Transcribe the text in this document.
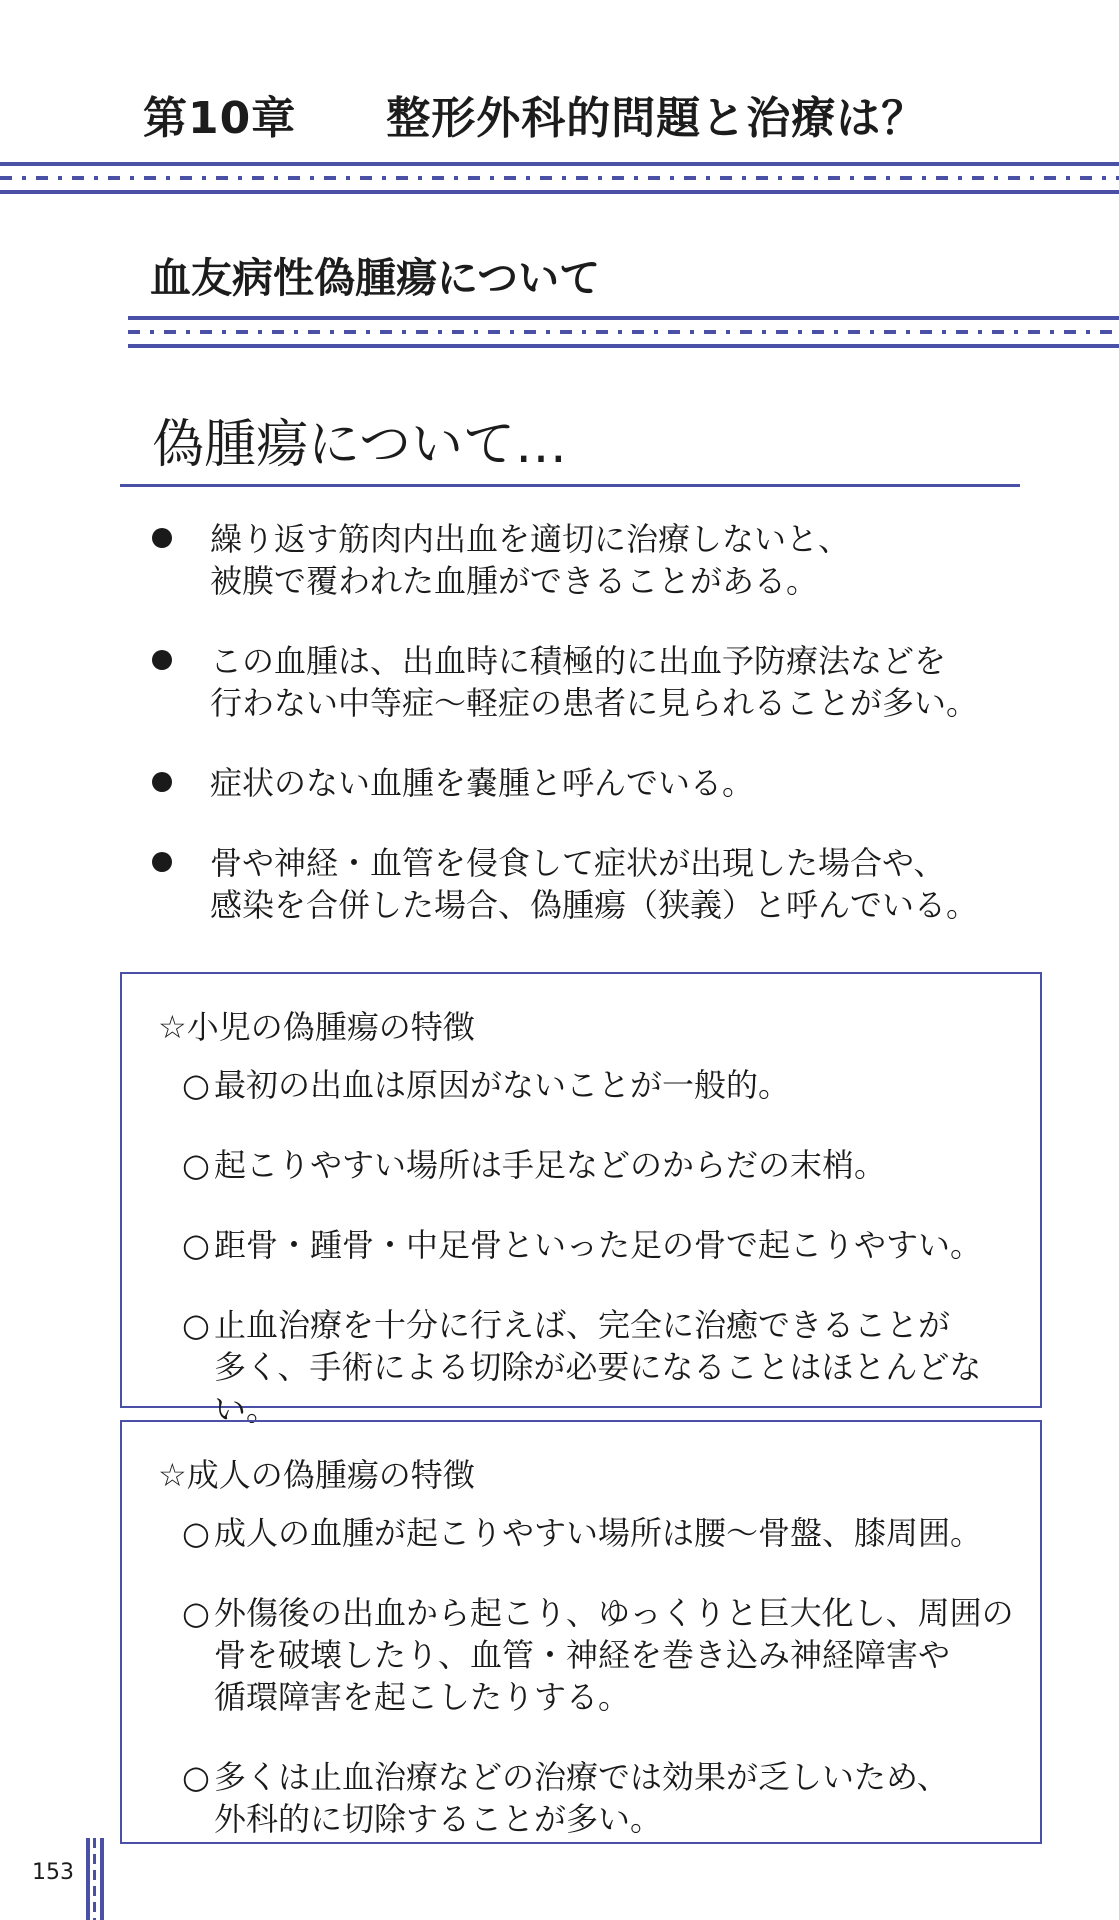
第10章　　 整形外科的問題と治療は？
血友病性偽腫瘍について
偽腫瘍について…
繰り返す筋肉内出血を適切に治療しないと、
被膜で覆われた血腫ができることがある。
この血腫は、出血時に積極的に出血予防療法などを
行わない中等症～軽症の患者に見られることが多い。
症状のない血腫を嚢腫と呼んでいる。
骨や神経・血管を侵食して症状が出現した場合や、
感染を合併した場合、偽腫瘍（狭義）と呼んでいる。
☆小児の偽腫瘍の特徴
○ 最初の出血は原因がないことが一般的。
○ 起こりやすい場所は手足などのからだの末梢。
○ 距骨・踵骨・中足骨といった足の骨で起こりやすい。
○ 止血治療を十分に行えば、完全に治癒できることが
多く、手術による切除が必要になることはほとんどない。
☆成人の偽腫瘍の特徴
○ 成人の血腫が起こりやすい場所は腰～骨盤、膝周囲。
○ 外傷後の出血から起こり、ゆっくりと巨大化し、周囲の
骨を破壊したり、血管・神経を巻き込み神経障害や
循環障害を起こしたりする。
○ 多くは止血治療などの治療では効果が乏しいため、
外科的に切除することが多い。
153
